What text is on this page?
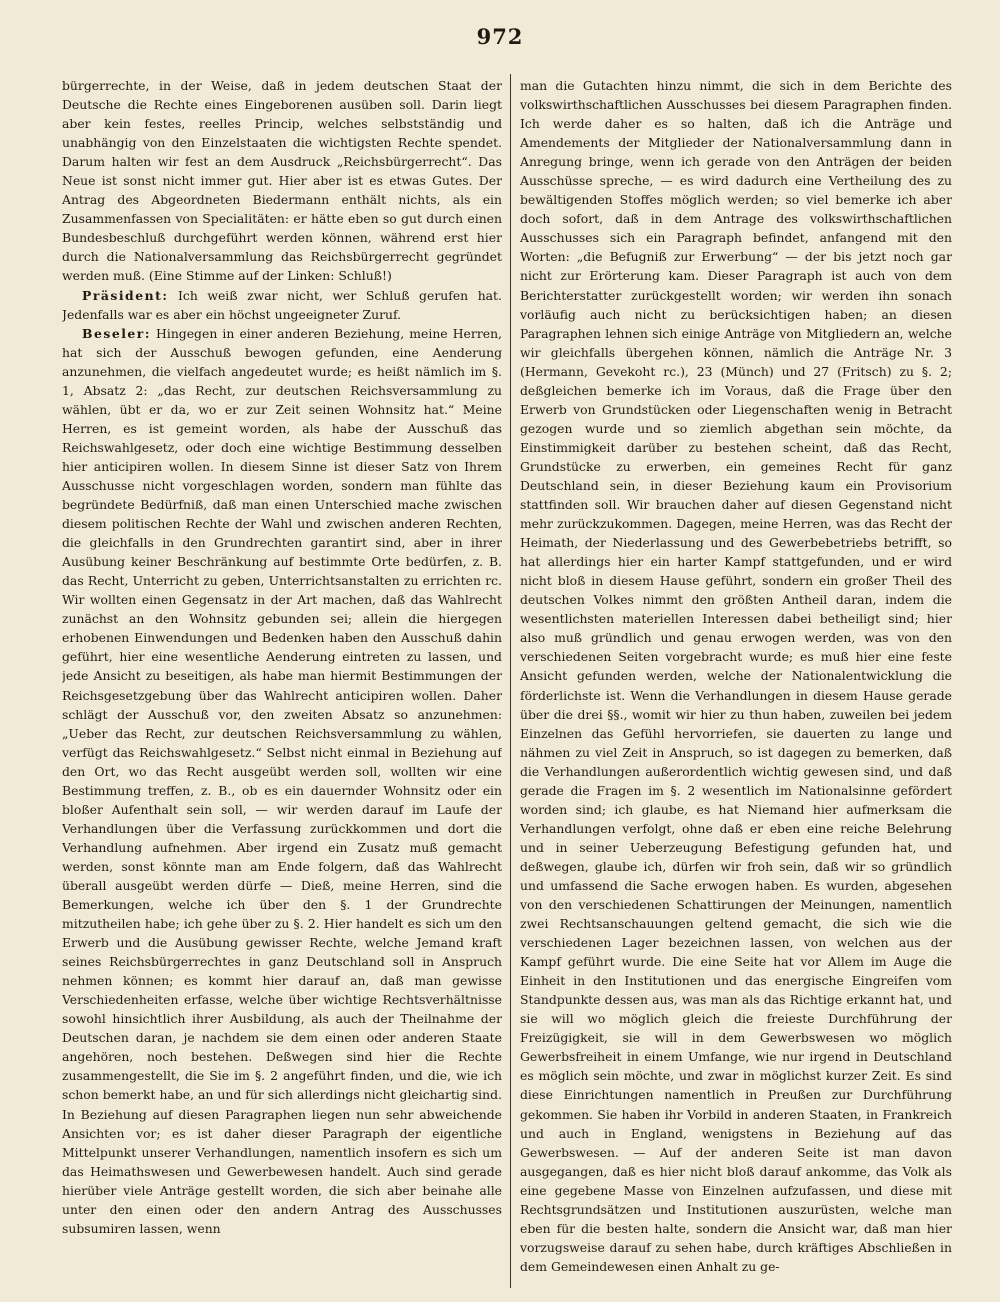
972

bürgerrechte, in der Weise, daß in jedem deutschen Staat der Deutsche die Rechte eines Eingeborenen ausüben soll. Darin liegt aber kein festes, reelles Princip, welches selbstständig und unabhängig von den Einzelstaaten die wichtigsten Rechte spendet. Darum halten wir fest an dem Ausdruck „Reichsbürgerrecht“. Das Neue ist sonst nicht immer gut. Hier aber ist es etwas Gutes. Der Antrag des Abgeordneten Biedermann enthält nichts, als ein Zusammenfassen von Specialitäten: er hätte eben so gut durch einen Bundesbeschluß durchgeführt werden können, während erst hier durch die Nationalversammlung das Reichsbürgerrecht gegründet werden muß. (Eine Stimme auf der Linken: Schluß!)

Präsident: Ich weiß zwar nicht, wer Schluß gerufen hat. Jedenfalls war es aber ein höchst ungeeigneter Zuruf.

Beseler: Hingegen in einer anderen Beziehung, meine Herren, hat sich der Ausschuß bewogen gefunden, eine Aenderung anzunehmen, die vielfach angedeutet wurde; es heißt nämlich im §. 1, Absatz 2: „das Recht, zur deutschen Reichsversammlung zu wählen, übt er da, wo er zur Zeit seinen Wohnsitz hat.“ Meine Herren, es ist gemeint worden, als habe der Ausschuß das Reichswahlgesetz, oder doch eine wichtige Bestimmung desselben hier anticipiren wollen. In diesem Sinne ist dieser Satz von Ihrem Ausschusse nicht vorgeschlagen worden, sondern man fühlte das begründete Bedürfniß, daß man einen Unterschied mache zwischen diesem politischen Rechte der Wahl und zwischen anderen Rechten, die gleichfalls in den Grundrechten garantirt sind, aber in ihrer Ausübung keiner Beschränkung auf bestimmte Orte bedürfen, z. B. das Recht, Unterricht zu geben, Unterrichtsanstalten zu errichten rc. Wir wollten einen Gegensatz in der Art machen, daß das Wahlrecht zunächst an den Wohnsitz gebunden sei; allein die hiergegen erhobenen Einwendungen und Bedenken haben den Ausschuß dahin geführt, hier eine wesentliche Aenderung eintreten zu lassen, und jede Ansicht zu beseitigen, als habe man hiermit Bestimmungen der Reichsgesetzgebung über das Wahlrecht anticipiren wollen. Daher schlägt der Ausschuß vor, den zweiten Absatz so anzunehmen: „Ueber das Recht, zur deutschen Reichsversammlung zu wählen, verfügt das Reichswahlgesetz.“ Selbst nicht einmal in Beziehung auf den Ort, wo das Recht ausgeübt werden soll, wollten wir eine Bestimmung treffen, z. B., ob es ein dauernder Wohnsitz oder ein bloßer Aufenthalt sein soll, — wir werden darauf im Laufe der Verhandlungen über die Verfassung zurückkommen und dort die Verhandlung aufnehmen. Aber irgend ein Zusatz muß gemacht werden, sonst könnte man am Ende folgern, daß das Wahlrecht überall ausgeübt werden dürfe — Dieß, meine Herren, sind die Bemerkungen, welche ich über den §. 1 der Grundrechte mitzutheilen habe; ich gehe über zu §. 2. Hier handelt es sich um den Erwerb und die Ausübung gewisser Rechte, welche Jemand kraft seines Reichsbürgerrechtes in ganz Deutschland soll in Anspruch nehmen können; es kommt hier darauf an, daß man gewisse Verschiedenheiten erfasse, welche über wichtige Rechtsverhältnisse sowohl hinsichtlich ihrer Ausbildung, als auch der Theilnahme der Deutschen daran, je nachdem sie dem einen oder anderen Staate angehören, noch bestehen. Deßwegen sind hier die Rechte zusammengestellt, die Sie im §. 2 angeführt finden, und die, wie ich schon bemerkt habe, an und für sich allerdings nicht gleichartig sind. In Beziehung auf diesen Paragraphen liegen nun sehr abweichende Ansichten vor; es ist daher dieser Paragraph der eigentliche Mittelpunkt unserer Verhandlungen, namentlich insofern es sich um das Heimathswesen und Gewerbewesen handelt. Auch sind gerade hierüber viele Anträge gestellt worden, die sich aber beinahe alle unter den einen oder den andern Antrag des Ausschusses subsumiren lassen, wenn

man die Gutachten hinzu nimmt, die sich in dem Berichte des volkswirthschaftlichen Ausschusses bei diesem Paragraphen finden. Ich werde daher es so halten, daß ich die Anträge und Amendements der Mitglieder der Nationalversammlung dann in Anregung bringe, wenn ich gerade von den Anträgen der beiden Ausschüsse spreche, — es wird dadurch eine Vertheilung des zu bewältigenden Stoffes möglich werden; so viel bemerke ich aber doch sofort, daß in dem Antrage des volkswirthschaftlichen Ausschusses sich ein Paragraph befindet, anfangend mit den Worten: „die Befugniß zur Erwerbung“ — der bis jetzt noch gar nicht zur Erörterung kam. Dieser Paragraph ist auch von dem Berichterstatter zurückgestellt worden; wir werden ihn sonach vorläufig auch nicht zu berücksichtigen haben; an diesen Paragraphen lehnen sich einige Anträge von Mitgliedern an, welche wir gleichfalls übergehen können, nämlich die Anträge Nr. 3 (Hermann, Gevekoht rc.), 23 (Münch) und 27 (Fritsch) zu §. 2; deßgleichen bemerke ich im Voraus, daß die Frage über den Erwerb von Grundstücken oder Liegenschaften wenig in Betracht gezogen wurde und so ziemlich abgethan sein möchte, da Einstimmigkeit darüber zu bestehen scheint, daß das Recht, Grundstücke zu erwerben, ein gemeines Recht für ganz Deutschland sein, in dieser Beziehung kaum ein Provisorium stattfinden soll. Wir brauchen daher auf diesen Gegenstand nicht mehr zurückzukommen. Dagegen, meine Herren, was das Recht der Heimath, der Niederlassung und des Gewerbebetriebs betrifft, so hat allerdings hier ein harter Kampf stattgefunden, und er wird nicht bloß in diesem Hause geführt, sondern ein großer Theil des deutschen Volkes nimmt den größten Antheil daran, indem die wesentlichsten materiellen Interessen dabei betheiligt sind; hier also muß gründlich und genau erwogen werden, was von den verschiedenen Seiten vorgebracht wurde; es muß hier eine feste Ansicht gefunden werden, welche der Nationalentwicklung die förderlichste ist. Wenn die Verhandlungen in diesem Hause gerade über die drei §§., womit wir hier zu thun haben, zuweilen bei jedem Einzelnen das Gefühl hervorriefen, sie dauerten zu lange und nähmen zu viel Zeit in Anspruch, so ist dagegen zu bemerken, daß die Verhandlungen außerordentlich wichtig gewesen sind, und daß gerade die Fragen im §. 2 wesentlich im Nationalsinne gefördert worden sind; ich glaube, es hat Niemand hier aufmerksam die Verhandlungen verfolgt, ohne daß er eben eine reiche Belehrung und in seiner Ueberzeugung Befestigung gefunden hat, und deßwegen, glaube ich, dürfen wir froh sein, daß wir so gründlich und umfassend die Sache erwogen haben. Es wurden, abgesehen von den verschiedenen Schattirungen der Meinungen, namentlich zwei Rechtsanschauungen geltend gemacht, die sich wie die verschiedenen Lager bezeichnen lassen, von welchen aus der Kampf geführt wurde. Die eine Seite hat vor Allem im Auge die Einheit in den Institutionen und das energische Eingreifen vom Standpunkte dessen aus, was man als das Richtige erkannt hat, und sie will wo möglich gleich die freieste Durchführung der Freizügigkeit, sie will in dem Gewerbswesen wo möglich Gewerbsfreiheit in einem Umfange, wie nur irgend in Deutschland es möglich sein möchte, und zwar in möglichst kurzer Zeit. Es sind diese Einrichtungen namentlich in Preußen zur Durchführung gekommen. Sie haben ihr Vorbild in anderen Staaten, in Frankreich und auch in England, wenigstens in Beziehung auf das Gewerbswesen. — Auf der anderen Seite ist man davon ausgegangen, daß es hier nicht bloß darauf ankomme, das Volk als eine gegebene Masse von Einzelnen aufzufassen, und diese mit Rechtsgrundsätzen und Institutionen auszurüsten, welche man eben für die besten halte, sondern die Ansicht war, daß man hier vorzugsweise darauf zu sehen habe, durch kräftiges Abschließen in dem Gemeindewesen einen Anhalt zu ge-
